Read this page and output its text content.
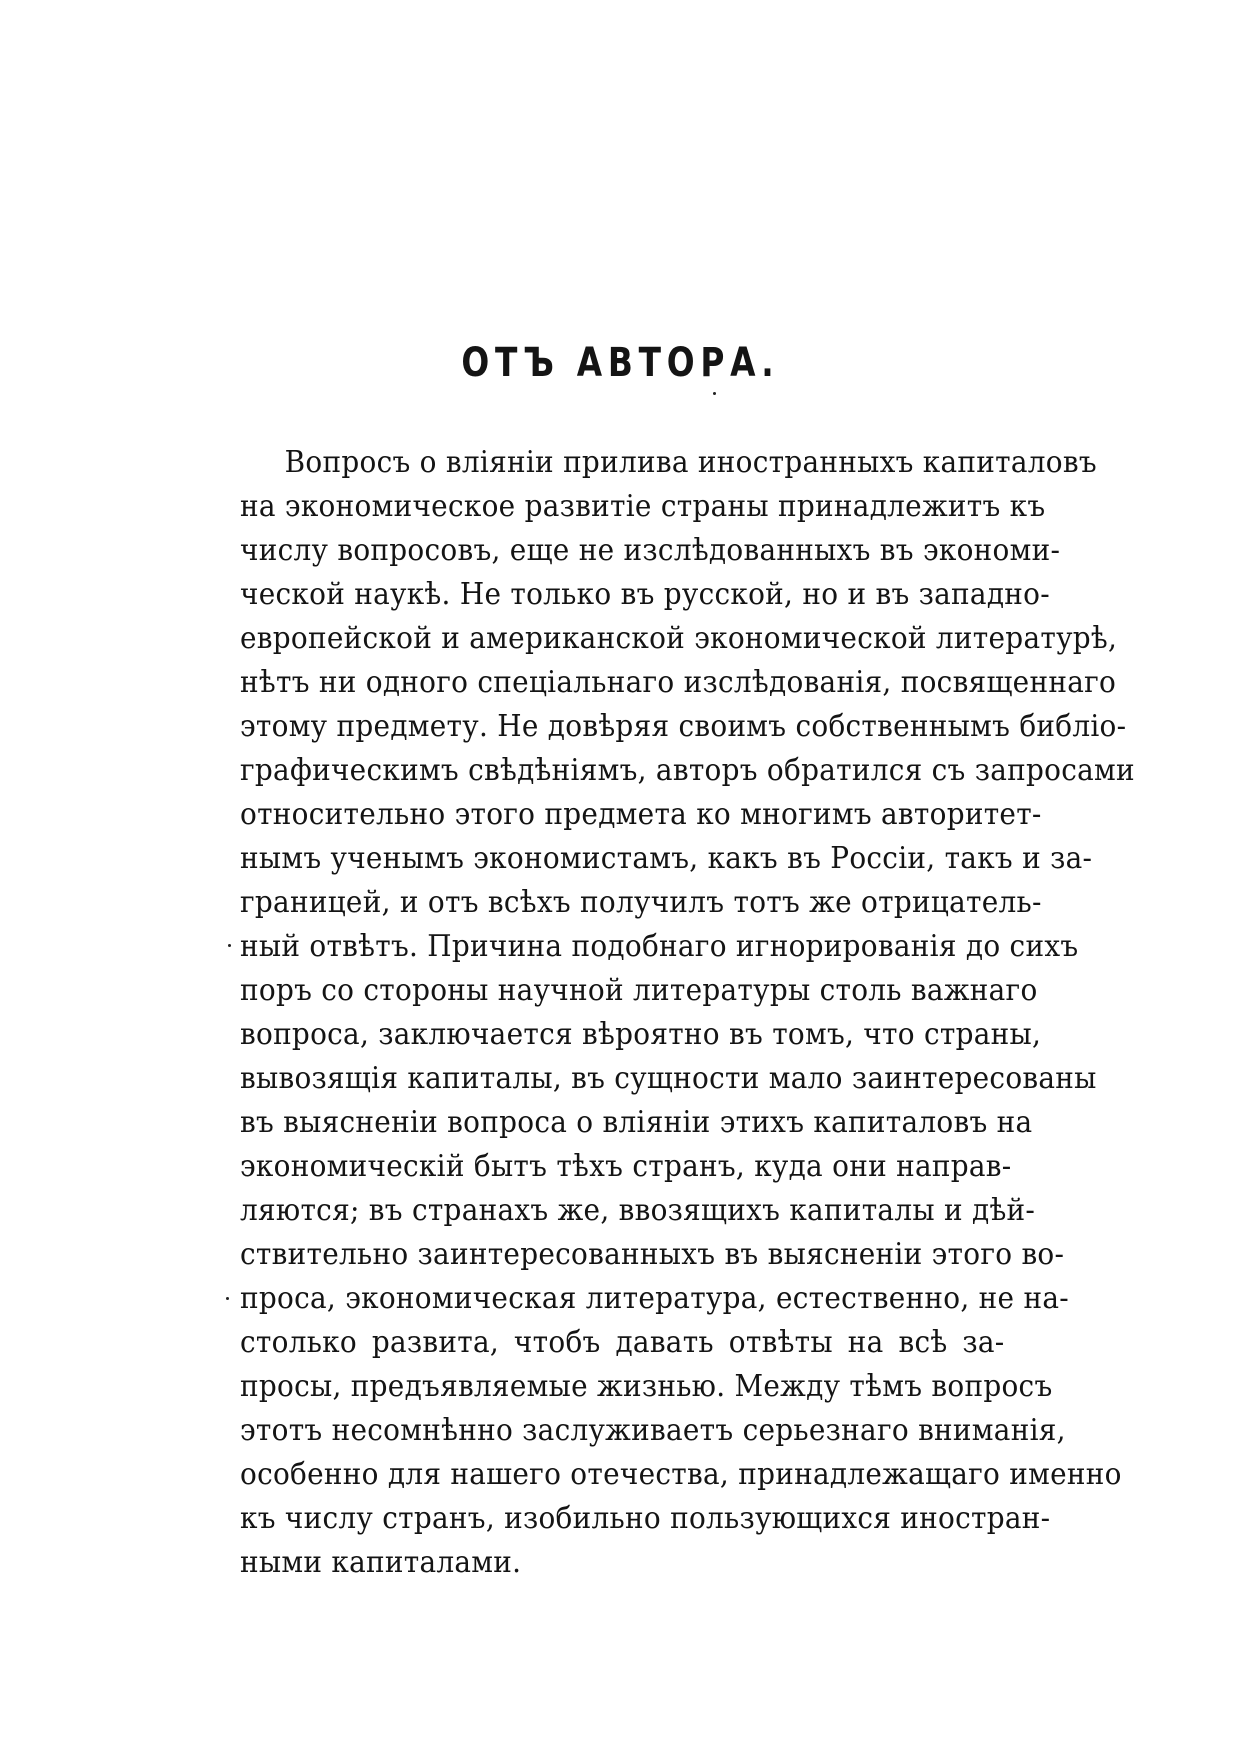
ОТЪ АВТОРА.
Вопросъ о вліяніи прилива иностранныхъ капиталовъ
на экономическое развитіе страны принадлежитъ къ
числу вопросовъ, еще не изслѣдованныхъ въ экономи-
ческой наукѣ. Не только въ русской, но и въ западно-
европейской и американской экономической литературѣ,
нѣтъ ни одного спеціальнаго изслѣдованія, посвященнаго
этому предмету. Не довѣряя своимъ собственнымъ библіо-
графическимъ свѣдѣніямъ, авторъ обратился съ запросами
относительно этого предмета ко многимъ авторитет-
нымъ ученымъ экономистамъ, какъ въ Россіи, такъ и за-
границей, и отъ всѣхъ получилъ тотъ же отрицатель-
ный отвѣтъ. Причина подобнаго игнорированія до сихъ
поръ со стороны научной литературы столь важнаго
вопроса, заключается вѣроятно въ томъ, что страны,
вывозящія капиталы, въ сущности мало заинтересованы
въ выясненіи вопроса о вліяніи этихъ капиталовъ на
экономическій бытъ тѣхъ странъ, куда они направ-
ляются; въ странахъ же, ввозящихъ капиталы и дѣй-
ствительно заинтересованныхъ въ выясненіи этого во-
проса, экономическая литература, естественно, не на-
столько развита, чтобъ давать отвѣты на всѣ за-
просы, предъявляемые жизнью. Между тѣмъ вопросъ
этотъ несомнѣнно заслуживаетъ серьезнаго вниманія,
особенно для нашего отечества, принадлежащаго именно
къ числу странъ, изобильно пользующихся иностран-
ными капиталами.
